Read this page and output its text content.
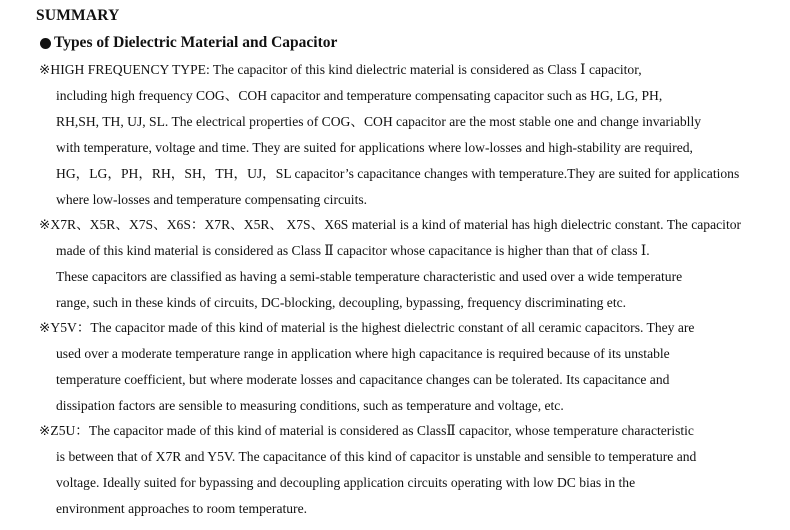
SUMMARY
Types of Dielectric Material and Capacitor
※HIGH FREQUENCY TYPE: The capacitor of this kind dielectric material is considered as Class Ⅰ capacitor,
including high frequency COG、COH capacitor and temperature compensating capacitor such as HG, LG, PH,
RH,SH, TH, UJ, SL. The electrical properties of COG、COH capacitor are the most stable one and change invariablly
with temperature, voltage and time. They are suited for applications where low-losses and high-stability are required,
HG，LG，PH，RH，SH，TH，UJ，SL capacitor’s capacitance changes with temperature.They are suited for applications
where low-losses and temperature compensating circuits.
※X7R、X5R、X7S、X6S：X7R、X5R、 X7S、X6S material is a kind of material has high dielectric constant. The capacitor
made of this kind material is considered as Class Ⅱ capacitor whose capacitance is higher than that of class Ⅰ.
These capacitors are classified as having a semi-stable temperature characteristic and used over a wide temperature
range, such in these kinds of circuits, DC-blocking, decoupling, bypassing, frequency discriminating etc.
※Y5V：The capacitor made of this kind of material is the highest dielectric constant of all ceramic capacitors. They are
used over a moderate temperature range in application where high capacitance is required because of its unstable
temperature coefficient, but where moderate losses and capacitance changes can be tolerated. Its capacitance and
dissipation factors are sensible to measuring conditions, such as temperature and voltage, etc.
※Z5U：The capacitor made of this kind of material is considered as ClassⅡ capacitor, whose temperature characteristic
is between that of X7R and Y5V. The capacitance of this kind of capacitor is unstable and sensible to temperature and
voltage. Ideally suited for bypassing and decoupling application circuits operating with low DC bias in the
environment approaches to room temperature.
